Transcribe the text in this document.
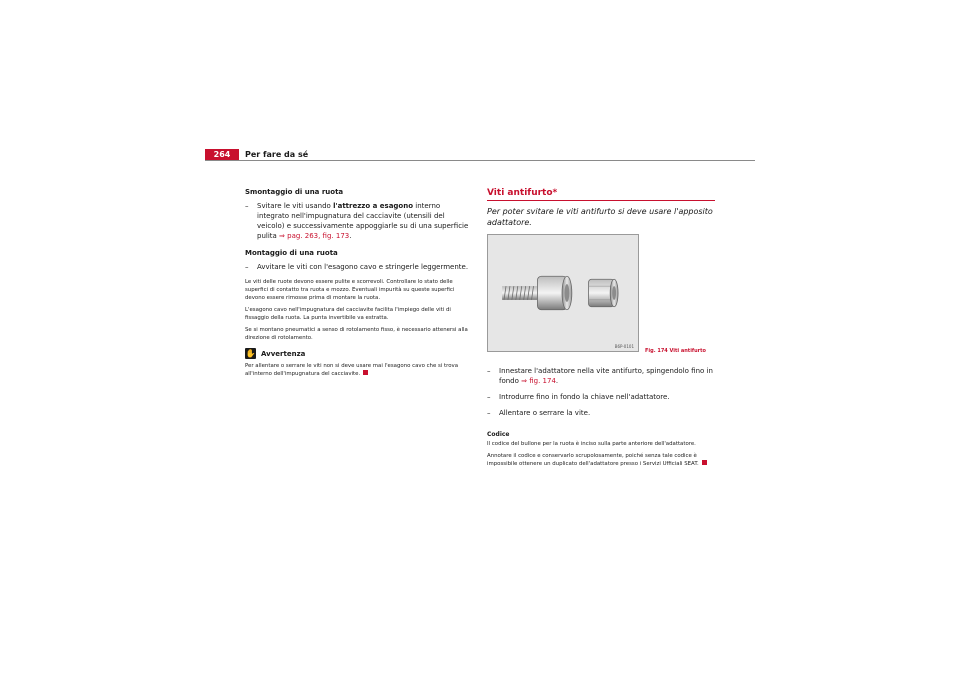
264	Per fare da sé
Smontaggio di una ruota
– Svitare le viti usando l'attrezzo a esagono interno integrato nell'impugnatura del cacciavite (utensili del veicolo) e successivamente appoggiarle su di una superficie pulita ⇒ pag. 263, fig. 173.
Montaggio di una ruota
– Avvitare le viti con l'esagono cavo e stringerle leggermente.

Le viti delle ruote devono essere pulite e scorrevoli. Controllare lo stato delle superfici di contatto tra ruota e mozzo. Eventuali impurità su queste superfici devono essere rimosse prima di montare la ruota.

L'esagono cavo nell'impugnatura del cacciavite facilita l'impiego delle viti di fissaggio della ruota. La punta invertibile va estratta.

Se si montano pneumatici a senso di rotolamento fisso, è necessario attenersi alla direzione di rotolamento.

✋ Avvertenza

Per allentare o serrare le viti non si deve usare mai l'esagono cavo che si trova all'interno dell'impugnatura del cacciavite.

Viti antifurto*
Per poter svitare le viti antifurto si deve usare l'apposito adattatore.
B6P-0101
– Innestare l'adattatore nella vite antifurto, spingendolo fino in fondo ⇒ fig. 174.
– Introdurre fino in fondo la chiave nell'adattatore.
– Allentare o serrare la vite.
Codice

Il codice del bullone per la ruota è inciso sulla parte anteriore dell'adattatore.

Annotare il codice e conservarlo scrupolosamente, poiché senza tale codice è impossibile ottenere un duplicato dell'adattatore presso i Servizi Ufficiali SEAT.

Fig. 174 Viti antifurto
